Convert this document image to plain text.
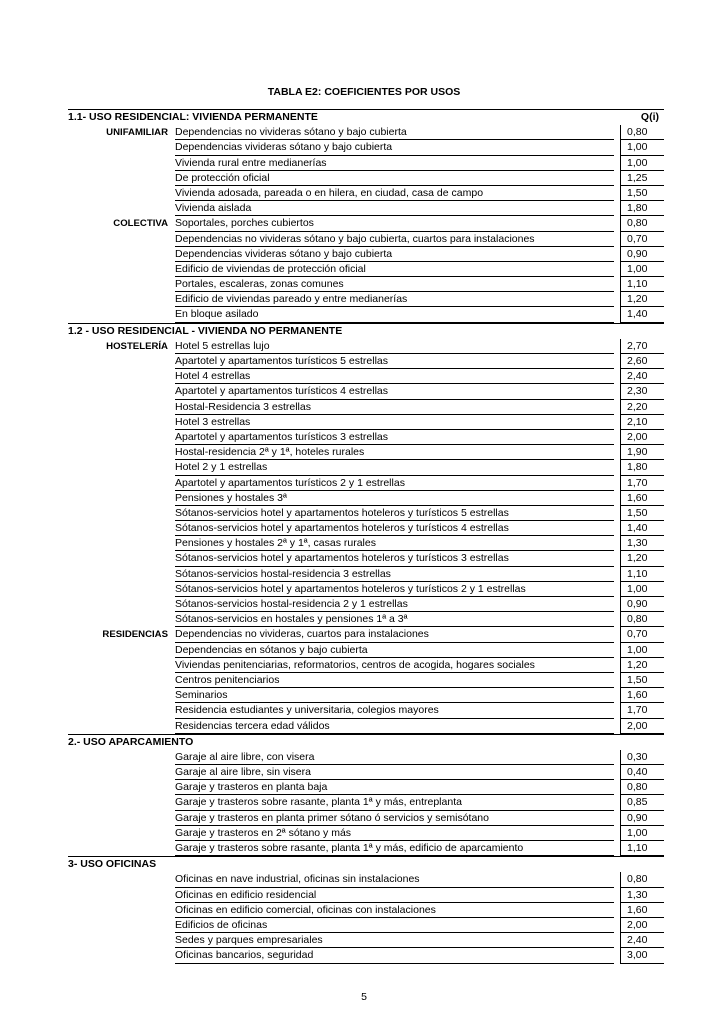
TABLA E2: COEFICIENTES POR USOS
1.1- USO RESIDENCIAL: VIVIENDA PERMANENTE	Q(i)
UNIFAMILIAR Dependencias no vivideras sótano y bajo cubierta	0,80
Dependencias vivideras sótano y bajo cubierta	1,00
Vivienda rural entre medianerías	1,00
De protección oficial	1,25
Vivienda adosada, pareada o en hilera, en ciudad, casa de campo	1,50
Vivienda aislada	1,80
COLECTIVA Soportales, porches cubiertos	0,80
Dependencias no vivideras sótano y bajo cubierta, cuartos para instalaciones	0,70
Dependencias vivideras sótano y bajo cubierta	0,90
Edificio de viviendas de protección oficial	1,00
Portales, escaleras, zonas comunes	1,10
Edificio de viviendas pareado y entre medianerías	1,20
En bloque asilado	1,40
1.2 - USO RESIDENCIAL - VIVIENDA NO PERMANENTE
HOSTELERÍA Hotel 5 estrellas lujo	2,70
Apartotel y apartamentos turísticos 5 estrellas	2,60
Hotel 4 estrellas	2,40
Apartotel y apartamentos turísticos 4 estrellas	2,30
Hostal-Residencia 3 estrellas	2,20
Hotel 3 estrellas	2,10
Apartotel y apartamentos turísticos 3 estrellas	2,00
Hostal-residencia 2ª y 1ª, hoteles rurales	1,90
Hotel 2 y 1 estrellas	1,80
Apartotel y apartamentos turísticos 2 y 1 estrellas	1,70
Pensiones y hostales 3ª	1,60
Sótanos-servicios hotel y apartamentos hoteleros y turísticos 5 estrellas	1,50
Sótanos-servicios hotel y apartamentos hoteleros y turísticos 4 estrellas	1,40
Pensiones y hostales 2ª y 1ª, casas rurales	1,30
Sótanos-servicios hotel y apartamentos hoteleros y turísticos 3 estrellas	1,20
Sótanos-servicios hostal-residencia 3 estrellas	1,10
Sótanos-servicios hotel y apartamentos hoteleros y turísticos 2 y 1 estrellas	1,00
Sótanos-servicios hostal-residencia 2 y 1 estrellas	0,90
Sótanos-servicios en hostales y pensiones 1ª a 3ª	0,80
RESIDENCIAS Dependencias no vivideras, cuartos para instalaciones	0,70
Dependencias en sótanos y bajo cubierta	1,00
Viviendas penitenciarias, reformatorios, centros de acogida, hogares sociales	1,20
Centros penitenciarios	1,50
Seminarios	1,60
Residencia estudiantes y universitaria, colegios mayores	1,70
Residencias tercera edad válidos	2,00
2.- USO APARCAMIENTO
Garaje al aire libre, con visera	0,30
Garaje al aire libre, sin visera	0,40
Garaje y trasteros en planta baja	0,80
Garaje y trasteros sobre rasante, planta 1ª y más, entreplanta	0,85
Garaje y trasteros en planta primer sótano ó servicios y semisótano	0,90
Garaje y trasteros en 2ª sótano y más	1,00
Garaje y trasteros sobre rasante, planta 1ª y más, edificio de aparcamiento	1,10
3- USO OFICINAS
Oficinas en nave industrial, oficinas sin instalaciones	0,80
Oficinas en edificio residencial	1,30
Oficinas en edificio comercial, oficinas con instalaciones	1,60
Edificios de oficinas	2,00
Sedes y parques empresariales	2,40
Oficinas bancarios, seguridad	3,00
5
